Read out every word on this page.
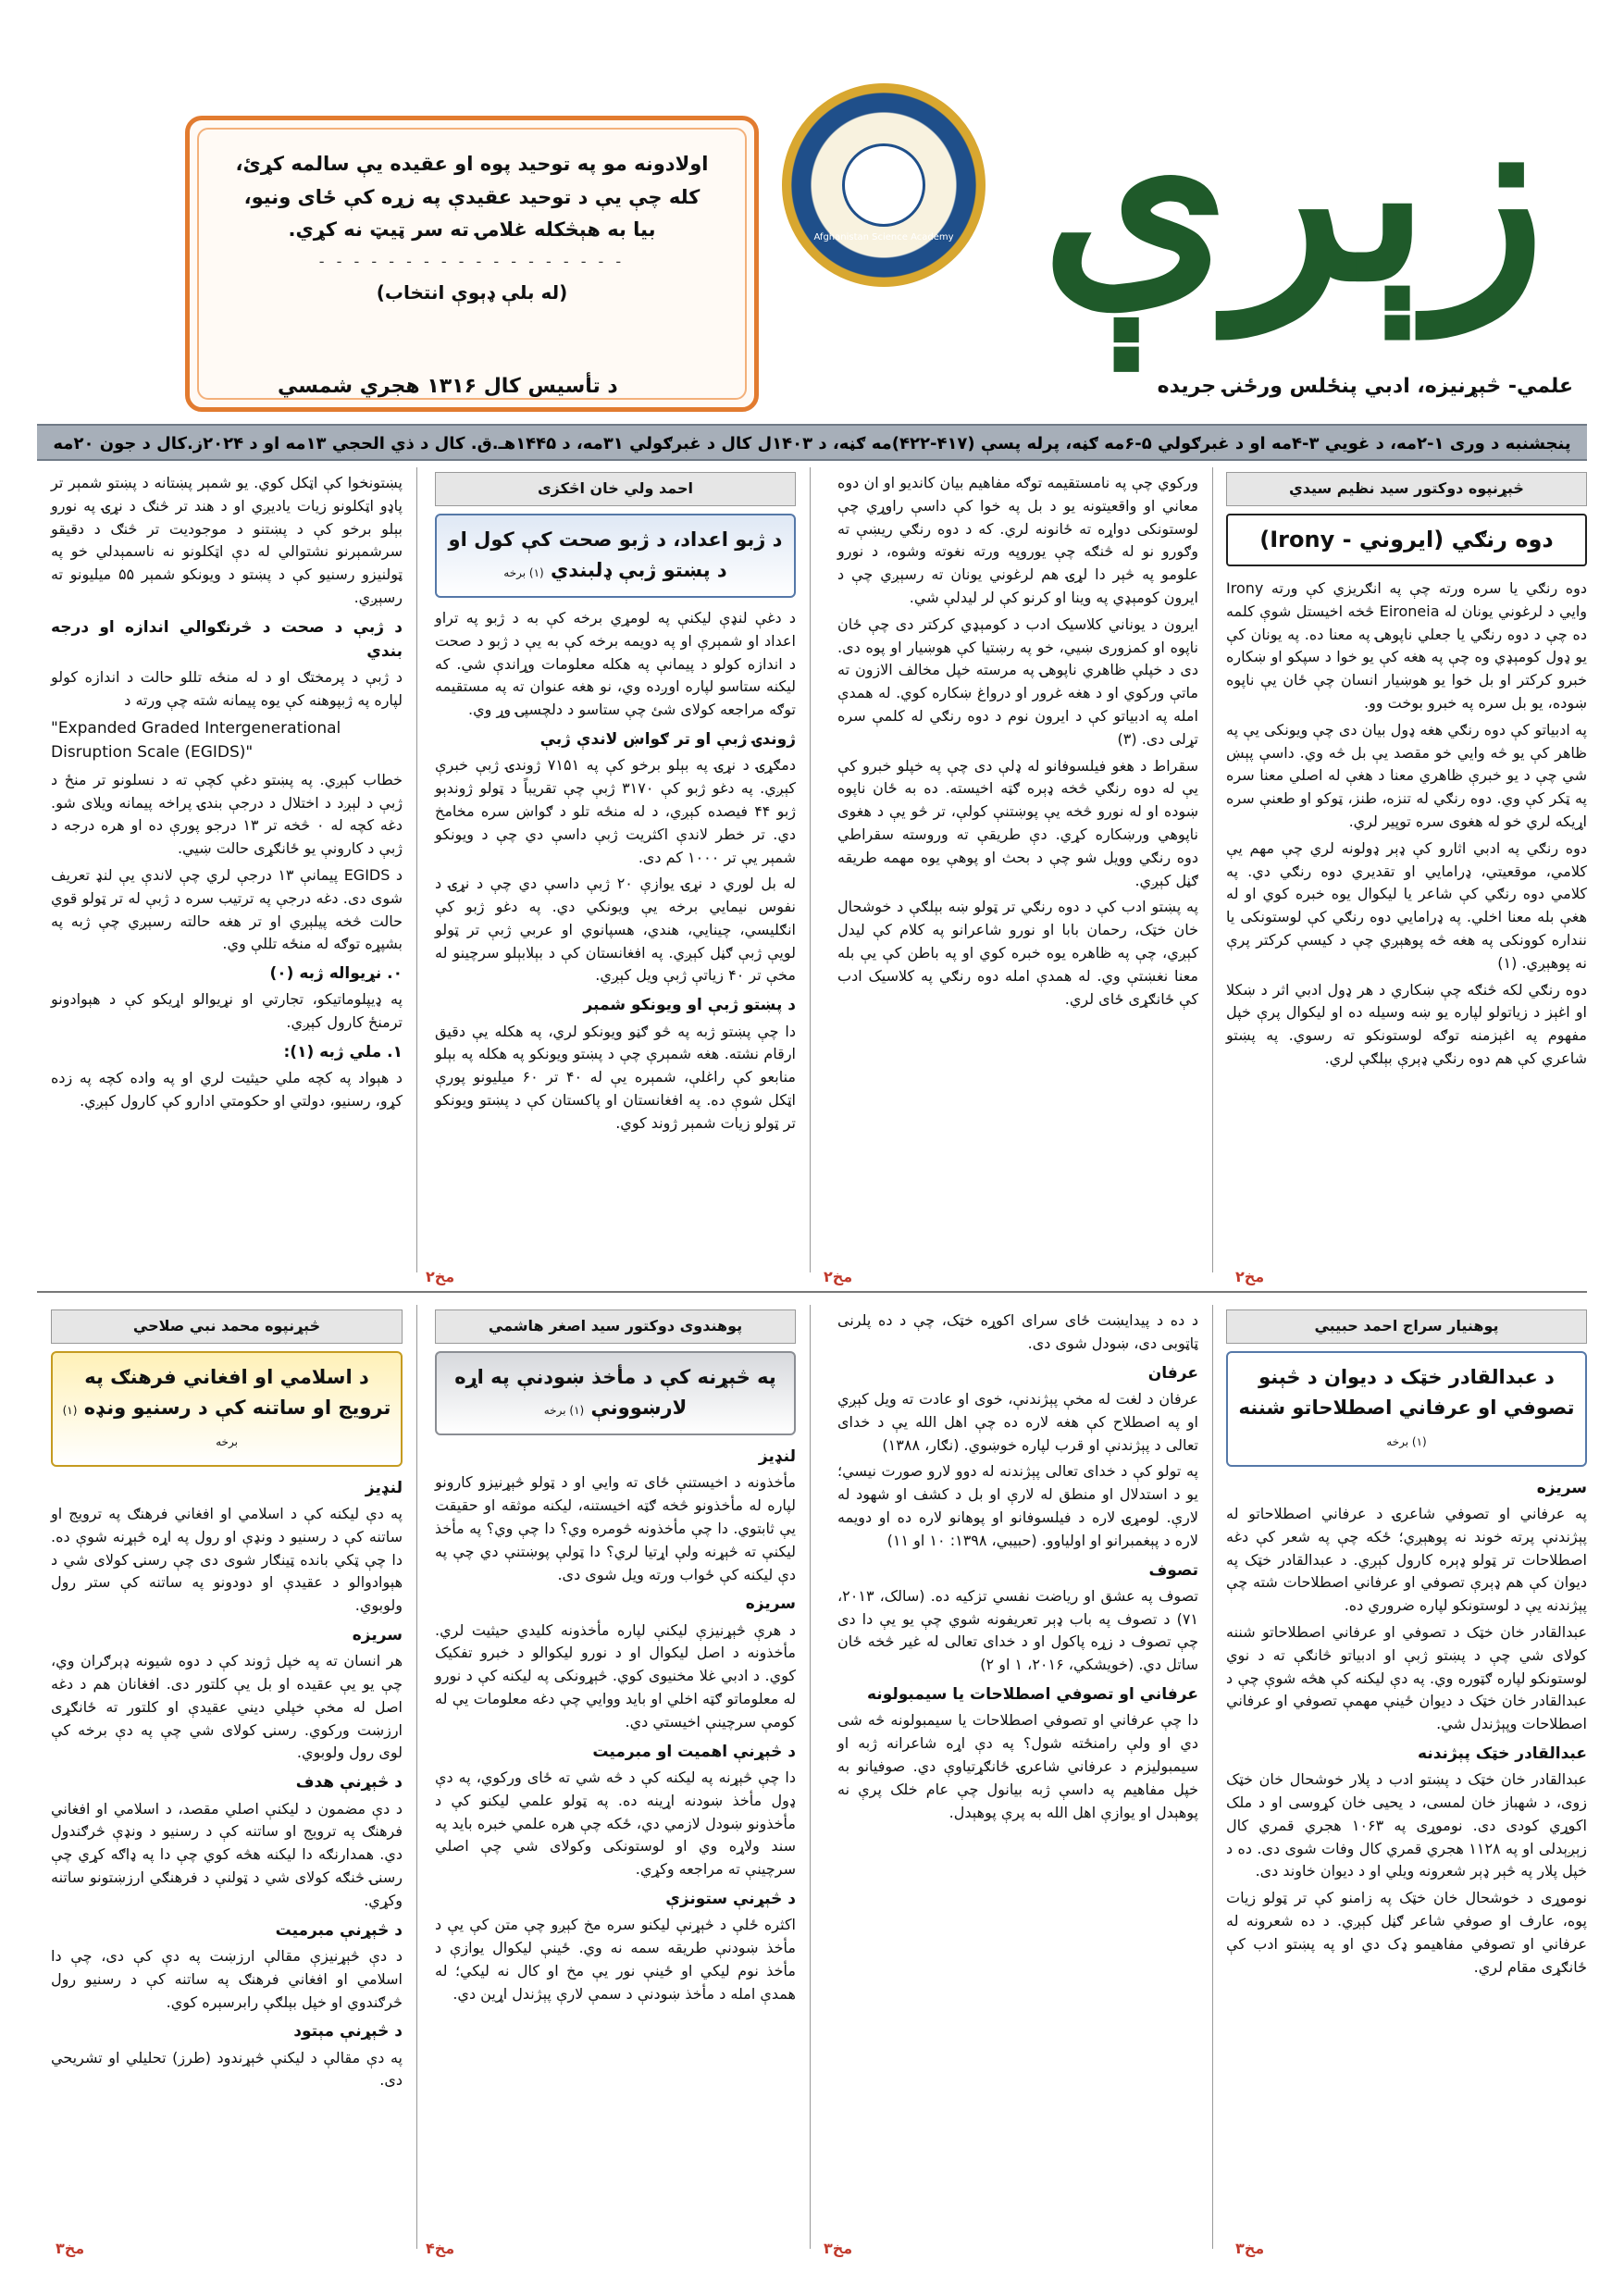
زېرې
Afghanistan Science Academy
اولادونه مو په توحيد پوه او عقيده يې سالمه کړئ،
کله چې يې د توحيد عقيدې په زړه کې ځای ونيو،
بيا به هېڅکله غلامۍ ته سر ټيټ نه کړي.
- - - - - - - - - - - - - - - - - -
(له بلې ډېوې انتخاب)
علمي- څېړنيزه، ادبي پنځلس ورځنۍ جريده
د تأسيس کال ۱۳۱۶ هجري شمسي
پنجشنبه د وری ۱-۲مه، د غويي ۳-۴مه او د غبرګولي ۵-۶مه ګڼه، پرله پسې (۴۱۷-۴۲۲)مه ګڼه، د ۱۴۰۳ل کال د غبرګولي ۳۱مه، د ۱۴۴۵هـ.ق. کال د ذي الحجي ۱۳مه او د ۲۰۲۴ز.کال د جون ۲۰مه
څېړنپوه دوکتور سيد نظيم سيدي
دوه رنګي (ايروني - Irony)

دوه رنګي يا سره ورته چې په انګريزي کې ورته Irony وايي د لرغوني يونان له Eironeia څخه اخيستل شوې کلمه ده چې د دوه رنګي يا جعلي ناپوهۍ په معنا ده. په يونان کې يو ډول کومېډي وه چې په هغه کې يو خوا د سپکو او ښکاره خبرو کرکتر او بل خوا يو هوښيار انسان چې ځان يې ناپوه ښوده، يو بل سره په خبرو بوخت وو.

په ادبياتو کې دوه رنګي هغه ډول بيان دی چې ويونکی يې په ظاهر کې يو څه وايي خو مقصد يې بل څه وي. داسې پېښ شي چې د يو خبرې ظاهري معنا د هغې له اصلي معنا سره په ټکر کې وي. دوه رنګي له تنزه، طنز، ټوکو او طعنې سره اړيکه لري خو له هغوی سره توپير لري.

دوه رنګي په ادبي اثارو کې ډېر ډولونه لري چې مهم يې کلامي، موقعيتي، ډرامايي او تقديري دوه رنګي دي. په کلامي دوه رنګي کې شاعر يا ليکوال يوه خبره کوي او له هغې بله معنا اخلي. په ډرامايي دوه رنګي کې لوستونکی يا ننداره کوونکی په هغه څه پوهېږي چې د کيسې کرکتر پرې نه پوهېږي. (۱)

دوه رنګي لکه څنګه چې ښکاري د هر ډول ادبي اثر د ښکلا او اغېز د زياتولو لپاره يو ښه وسيله ده او ليکوال پرې خپل مفهوم په اغېزمنه توګه لوستونکو ته رسوي. په پښتو شاعري کې هم دوه رنګي ډېرې بېلګې لري.

۲مخ

ورکوي چې په نامستقيمه توګه مفاهيم بيان کانديو او ان دوه معاني او واقعيتونه يو د بل په خوا کې داسې راوړي چې لوستونکی دواړه ته ځانونه لري. که د دوه رنګي ريښې ته وګورو نو له څنګه چې يوروپه ورته نغوته وشوه، د نورو علومو په څېر دا لړۍ هم لرغوني يونان ته رسېږي چې د ايرون کومېډي په وينا او کرنو کې لر ليدلې شي.

ايرون د يوناني کلاسيک ادب د کومېډي کرکتر دی چې ځان ناپوه او کمزوری ښيي، خو په رښتيا کې هوښيار او پوه دی. دی د خپلې ظاهري ناپوهۍ په مرسته خپل مخالف الازون ته ماتې ورکوي او د هغه غرور او درواغ ښکاره کوي. له همدې امله په ادبياتو کې د ايرون نوم د دوه رنګي له کلمې سره تړلی دی. (۳)

سقراط د هغو فيلسوفانو له ډلې دی چې په خپلو خبرو کې يې له دوه رنګي څخه ډېره ګټه اخيسته. ده به ځان ناپوه ښوده او له نورو څخه يې پوښتنې کولې، تر څو يې د هغوی ناپوهي ورښکاره کړي. دې طريقې ته وروسته سقراطي دوه رنګي وويل شو چې د بحث او پوهې يوه مهمه طريقه ګڼل کېږي.

په پښتو ادب کې د دوه رنګي تر ټولو ښه بېلګې د خوشحال خان خټک، رحمان بابا او نورو شاعرانو په کلام کې ليدل کېږي، چې په ظاهره يوه خبره کوي او په باطن کې يې بله معنا نغښتې وي. له همدې امله دوه رنګي په کلاسيک ادب کې ځانګړی ځای لري.

۲مخ
احمد ولي خان اڅکزی
د ژبو اعداد، د ژبو صحت کې کول او د پښتو ژبې ډلبندي (۱) برخه

د دغې لنډې ليکنې په لومړي برخه کې به د ژبو په تراو اعداد او شمېرې او په دويمه برخه کې به يې د ژبو د صحت د اندازه کولو د پيمانې په هکله معلومات وړاندې شي. که ليکنه ستاسو لپاره اوږده وي، نو هغه عنوان ته په مستقيمه توګه مراجعه کولای شئ چې ستاسو د دلچسپۍ وړ وي.

ژوندۍ ژبې او تر ګواښ لاندې ژبې

دمګړۍ د نړۍ په بېلو برخو کې په ۷۱۵۱ ژوندۍ ژبې خبرې کېږي. په دغو ژبو کې ۳۱۷۰ ژبې چې تقريباً د ټولو ژوندېو ژبو ۴۴ فيصده کېږي، د له منځه تلو د ګواښ سره مخامخ دي. تر خطر لاندې اکثريت ژبې داسې دي چې د ويونکو شمېر يې تر ۱۰۰۰ کم دی.

له بل لوري د نړۍ يوازې ۲۰ ژبې داسې دي چې د نړۍ د نفوس نيمايي برخه يې ويونکي دي. په دغو ژبو کې انګليسي، چينايي، هندي، هسپانوي او عربي ژبې تر ټولو لويې ژبې ګڼل کېږي. په افغانستان کې د بېلابېلو سرچينو له مخې تر ۴۰ زياتې ژبې ويل کېږي.

د پښتو ژبې او ويونکو شمېر

دا چې پښتو ژبه په څو ګڼو ويونکو لري، په هکله يې دقيق ارقام نشته. هغه شمېرې چې د پښتو ويونکو په هکله په بېلو منابعو کې راغلې، شمېره يې له ۴۰ تر ۶۰ ميليونو پورې اټکل شوې ده. په افغانستان او پاکستان کې د پښتو ويونکو تر ټولو زيات شمېر ژوند کوي.

۲مخ

پښتونخوا کې اټکل کوي. يو شمېر پښتانه د پښتو شمېر تر پاډو اټکلونو زيات ياديږي او د هند تر څنګ د نړۍ په نورو بېلو برخو کې د پښتنو د موجوديت تر څنګ د دقيقو سرشمېرنو نشتوالي له دې اټکلونو نه ناسمېدلي خو په ټولنيزو رسنيو کې د پښتو د ويونکو شمېر ۵۵ ميليونو ته رسېږي.

د ژبې د صحت د څرنګوالي اندازه او درجه بندي

د ژبې د پرمختګ او د له منځه تللو حالت د اندازه کولو لپاره په ژبپوهنه کې يوه پيمانه شته چې ورته د

"Expanded Graded Intergenerational Disruption Scale (EGIDS)"

خطاب کېږي. په پښتو دغې کچې ته د نسلونو تر منځ د ژبې د لېږد د اختلال د درجې بندۍ پراخه پيمانه ويلای شو. دغه کچه له ۰ څخه تر ۱۳ درجو پورې ده او هره درجه د ژبې د کارونې يو ځانګړی حالت ښيي.

د EGIDS پيمانې ۱۳ درجې لري چې لاندې يې لنډ تعريف شوی دی. دغه درجې په ترتيب سره د ژبې له تر ټولو قوي حالت څخه پيلېږي او تر هغه حالته رسېږي چې ژبه په بشپړه توګه له منځه تللې وي.

۰. نړيواله ژبه (۰)

په ډيپلوماتيکو، تجارتي او نړيوالو اړيکو کې د هېوادونو ترمنځ کارول کېږي.

۱. ملي ژبه (۱):

د هېواد په کچه ملي حيثيت لري او په واده کچه په زده کړو، رسنيو، دولتي او حکومتي ادارو کې کارول کېږي.

پوهنيار سراج احمد حبيبي
د عبدالقادر خټک د ديوان د څېنو تصوفي او عرفاني اصطلاحاتو شننه (۱) برخه
سريزه

په عرفاني او تصوفي شاعرۍ د عرفاني اصطلاحاتو له پېژندنې پرته خوند نه پوهېږي؛ ځکه چې په شعر کې دغه اصطلاحات تر ټولو ډېره کارول کېږي. د عبدالقادر خټک په ديوان کې هم ډېرې تصوفي او عرفاني اصطلاحات شته چې پېژندنه يې د لوستونکو لپاره ضروري ده.

عبدالقادر خان خټک د تصوفي او عرفاني اصطلاحاتو شننه کولای شي چې د پښتو ژبې او ادبياتو څانګې ته د نوي لوستونکو لپاره ګټوره وي. په دې ليکنه کې هڅه شوې چې د عبدالقادر خان خټک د ديوان ځينې مهمې تصوفي او عرفاني اصطلاحات وپېژندل شي.

عبدالقادر خټک پېژندنه

عبدالقادر خان خټک د پښتو ادب د پلار خوشحال خان خټک زوی، د شهباز خان لمسی، د يحيی خان کړوسی او د ملک اکوړي کودی دی. نوموړی په ۱۰۶۳ هجري قمري کال زېږېدلی او په ۱۱۲۸ هجري قمري کال وفات شوی دی. ده د خپل پلار په څېر ډېر شعرونه ويلي او د ديوان خاوند دی.

نوموړی د خوشحال خان خټک په زامنو کې تر ټولو زيات پوه، عارف او صوفي شاعر ګڼل کېږي. د ده شعرونه له عرفاني او تصوفي مفاهيمو ډک دي او په پښتو ادب کې ځانګړی مقام لري.

۳مخ

د ده د پيدايښت ځای سرای اکوړه خټک، چې د ده پلرنی ټاټوبی دی، ښودل شوی دی.

عرفان

عرفان د لغت له مخې پېژندنې، خوی او عادت ته ويل کېږي او په اصطلاح کې هغه لاره ده چې اهل الله يې د خدای تعالی د پېژندنې او قرب لپاره خوښوي. (نګار، ۱۳۸۸)

په تولو کې د خدای تعالی پېژندنه له دوو لارو صورت نيسي؛ يو د استدلال او منطق له لارې او بل د کشف او شهود له لارې. لومړۍ لاره د فيلسوفانو او پوهانو لاره ده او دويمه لاره د پېغمبرانو او اولياوو. (حبيبي، ۱۳۹۸: ۱۰ او ۱۱)

تصوف

تصوف په عشق او رياضت نفسي تزکيه ده. (سالک، ۲۰۱۳، ۷۱) د تصوف په باب ډېر تعريفونه شوي چې يو يې دا دی چې تصوف د زړه پاکول او د خدای تعالی له غير څخه ځان ساتل دي. (خويشکي، ۲۰۱۶، ۱ او ۲)

عرفاني او تصوفي اصطلاحات يا سيمبولونه

دا چې عرفاني او تصوفي اصطلاحات يا سيمبولونه څه شی دي او ولې رامنځته شول؟ په دې اړه شاعرانه ژبه او سيمبوليزم د عرفاني شاعرۍ ځانګړتياوې دي. صوفيانو به خپل مفاهيم په داسې ژبه بيانول چې عام خلک پرې نه پوهېدل او يوازې اهل الله به پرې پوهېدل.

۳مخ
پوهندوی دوکتور سيد اصغر هاشمي
په څېړنه کې د مأخذ ښودنې په اړه لارښوونې (۱) برخه
لنډيز

مأخذونه د اخيستنې ځای ته وايي او د ټولو څېړنيزو کارونو لپاره له مأخذونو څخه ګټه اخيستنه، ليکنه موثقه او حقيقت يې ثابتوي. دا چې مأخذونه څومره وي؟ دا چې وي؟ په مأخذ ليکنې ته څېړنه ولې اړتيا لري؟ دا ټولې پوښتنې دي چې په دې ليکنه کې ځواب ورته ويل شوی دی.

سريزه

د هرې څېړنيزې ليکنې لپاره مأخذونه کليدي حيثيت لري. مأخذونه د اصل ليکوال او د نورو ليکوالو د خبرو تفکيک کوي. د ادبي غلا مخنيوی کوي. څېړونکی په ليکنه کې د نورو له معلوماتو ګټه اخلي او بايد ووايي چې دغه معلومات يې له کومې سرچينې اخيستي دي.

د څېړنې اهميت او مبرميت

دا چې څېړنه په ليکنه کې د څه شي ته ځای ورکوي، په دې ډول مأخذ ښودنه اړينه ده. په ټولو علمي ليکنو کې د مأخذونو ښودل لازمي دي، ځکه چې هره علمي خبره بايد په سند ولاړه وي او لوستونکی وکولای شي چې اصلي سرچينې ته مراجعه وکړي.

د څېړنې ستونزې

اکثره ځلې د څېړنې ليکنو سره مخ کېږو چې متن کې يې د مأخذ ښودنې طريقه سمه نه وي. ځينې ليکوال يوازې د مأخذ نوم ليکي او ځينې نور يې مخ او کال نه ليکي؛ له همدې امله د مأخذ ښودنې د سمې لارې پېژندل اړين دي.

۴مخ
څېړنپوه محمد نبي صلاحي
د اسلامي او افغاني فرهنګ په ترويج او ساتنه کې د رسنيو ونډه (۱) برخه
لنډيز

په دې ليکنه کې د اسلامي او افغاني فرهنګ په ترويج او ساتنه کې د رسنيو د ونډې او رول په اړه څېړنه شوې ده. دا چې ټکي بانده ټينګار شوی دی چې رسنۍ کولای شي د هېوادوالو د عقيدې او دودونو په ساتنه کې ستر رول ولوبوي.

سريزه

هر انسان ته په خپل ژوند کې د دوه شيونه ډېرګران وي، چې يو يې عقيده او بل يې کلتور دی. افغانان هم د دغه اصل له مخې خپلي ديني عقيدې او کلتور ته ځانګړی ارزښت ورکوي. رسنۍ کولای شي چې په دې برخه کې لوی رول ولوبوي.

د څېړنې هدف

د دې مضمون د ليکنې اصلي مقصد، د اسلامي او افغاني فرهنګ په ترويج او ساتنه کې د رسنيو د ونډې څرګندول دي. همدارنګه دا ليکنه هڅه کوي چې دا په ډاګه کړي چې رسنۍ څنګه کولای شي د ټولنې د فرهنګي ارزښتونو ساتنه وکړي.

د څېړنې مبرميت

د دې څېړنيزې مقالې ارزښت په دې کې دی، چې دا اسلامي او افغاني فرهنګ په ساتنه کې د رسنيو رول څرګندوي او خپل بېلګې رابرسېره کوي.

د څېړنې مېتود

په دې مقالې د ليکنې څېړندود (طرز) تحليلي او تشريحي دی.

۳مخ
